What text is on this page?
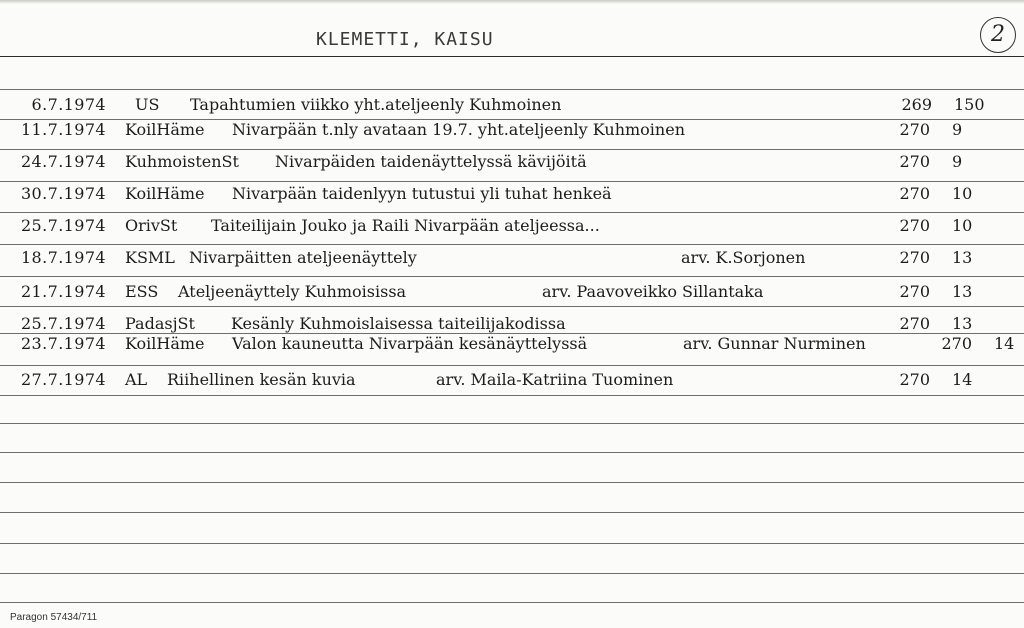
KLEMETTI, KAISU	2
6.7.1974 US Tapahtumien viikko yht.ateljeenly Kuhmoinen	269 150
11.7.1974 KoilHäme Nivarpään t.nly avataan 19.7. yht.ateljeenly Kuhmoinen	270 9
24.7.1974 KuhmoistenSt Nivarpäiden taidenäyttelyssä kävijöitä	270 9
30.7.1974 KoilHäme Nivarpään taidenlyyn tutustui yli tuhat henkeä	270 10
25.7.1974 OrivSt Taiteilijain Jouko ja Raili Nivarpään ateljeessa...	270 10
18.7.1974 KSML Nivarpäitten ateljeenäyttely	arv. K.Sorjonen	270 13
21.7.1974 ESS Ateljeenäyttely Kuhmoisissa	arv. Paavoveikko Sillantaka	270 13
25.7.1974 PadasjSt Kesänly Kuhmoislaisessa taiteilijakodissa	270 13
23.7.1974 KoilHäme Valon kauneutta Nivarpään kesänäyttelyssä	arv. Gunnar Nurminen	270 14
27.7.1974 AL Riihellinen kesän kuvia	arv. Maila-Katriina Tuominen	270 14
Paragon 57434/711
